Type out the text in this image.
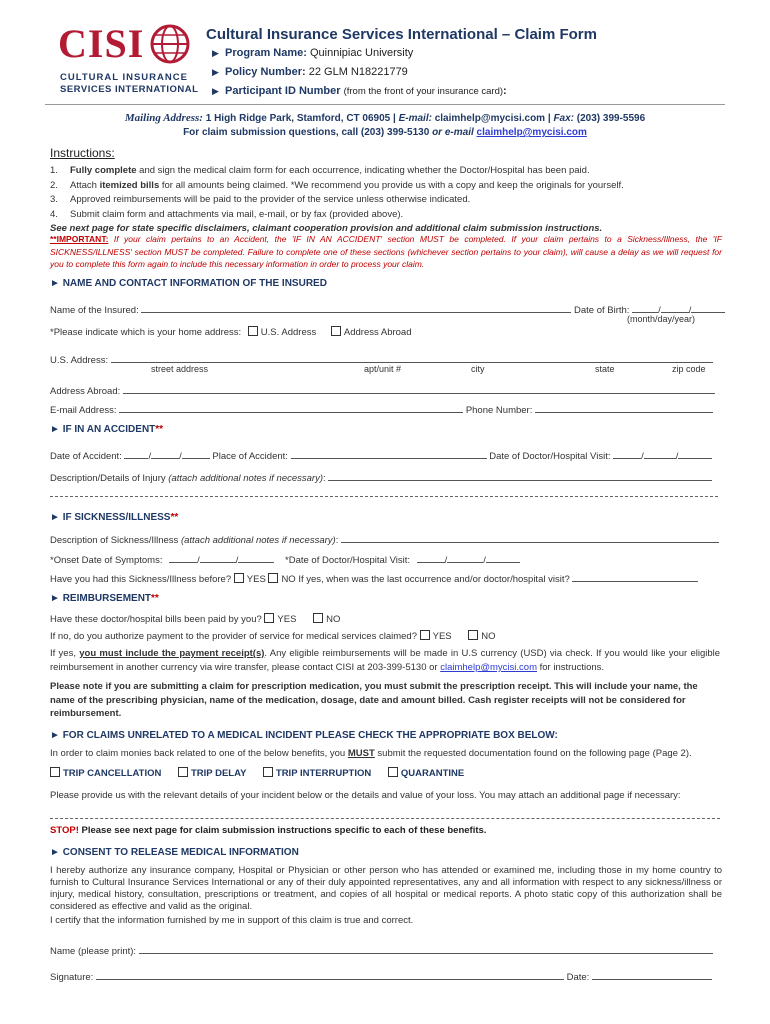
CISI
CULTURAL INSURANCE
SERVICES INTERNATIONAL
Cultural Insurance Services International – Claim Form
▶ Program Name: Quinnipiac University
▶ Policy Number: 22 GLM N18221779
▶ Participant ID Number (from the front of your insurance card):
Mailing Address: 1 High Ridge Park, Stamford, CT 06905 | E-mail: claimhelp@mycisi.com | Fax: (203) 399-5596
For claim submission questions, call (203) 399-5130 or e-mail claimhelp@mycisi.com
Instructions:
1. Fully complete and sign the medical claim form for each occurrence, indicating whether the Doctor/Hospital has been paid.
2. Attach itemized bills for all amounts being claimed. *We recommend you provide us with a copy and keep the originals for yourself.
3. Approved reimbursements will be paid to the provider of the service unless otherwise indicated.
4. Submit claim form and attachments via mail, e-mail, or by fax (provided above).
See next page for state specific disclaimers, claimant cooperation provision and additional claim submission instructions.
**IMPORTANT: If your claim pertains to an Accident, the 'IF IN AN ACCIDENT' section MUST be completed. If your claim pertains to a Sickness/Illness, the 'IF SICKNESS/ILLNESS' section MUST be completed. Failure to complete one of these sections (whichever section pertains to your claim), will cause a delay as we will request for you to complete this form again to include this necessary information in order to process your claim.
► NAME AND CONTACT INFORMATION OF THE INSURED
Name of the Insured:	Date of Birth:	/	/
(month/day/year)
*Please indicate which is your home address: U.S. Address	Address Abroad
U.S. Address:
street address	apt/unit #	city	state	zip code
Address Abroad:
E-mail Address:	Phone Number:
► IF IN AN ACCIDENT**
Date of Accident:	/	/	Place of Accident:	Date of Doctor/Hospital Visit:	/	/
Description/Details of Injury (attach additional notes if necessary):
► IF SICKNESS/ILLNESS**
Description of Sickness/Illness (attach additional notes if necessary):
*Onset Date of Symptoms:	/	/	*Date of Doctor/Hospital Visit:	/	/
Have you had this Sickness/Illness before? YES NO If yes, when was the last occurrence and/or doctor/hospital visit?
► REIMBURSEMENT**
Have these doctor/hospital bills been paid by you? YES	NO
If no, do you authorize payment to the provider of service for medical services claimed? YES	NO
If yes, you must include the payment receipt(s). Any eligible reimbursements will be made in U.S currency (USD) via check. If you would like your eligible reimbursement in another currency via wire transfer, please contact CISI at 203-399-5130 or claimhelp@mycisi.com for instructions.
Please note if you are submitting a claim for prescription medication, you must submit the prescription receipt. This will include your name, the name of the prescribing physician, name of the medication, dosage, date and amount billed. Cash register receipts will not be considered for reimbursement.
► FOR CLAIMS UNRELATED TO A MEDICAL INCIDENT PLEASE CHECK THE APPROPRIATE BOX BELOW:
In order to claim monies back related to one of the below benefits, you MUST submit the requested documentation found on the following page (Page 2).
TRIP CANCELLATION	TRIP DELAY	TRIP INTERRUPTION	QUARANTINE
Please provide us with the relevant details of your incident below or the details and value of your loss. You may attach an additional page if necessary:
STOP! Please see next page for claim submission instructions specific to each of these benefits.
► CONSENT TO RELEASE MEDICAL INFORMATION
I hereby authorize any insurance company, Hospital or Physician or other person who has attended or examined me, including those in my home country to furnish to Cultural Insurance Services International or any of their duly appointed representatives, any and all information with respect to any sickness/illness or injury, medical history, consultation, prescriptions or treatment, and copies of all hospital or medical reports. A photo static copy of this authorization shall be considered as effective and valid as the original.
I certify that the information furnished by me in support of this claim is true and correct.
Name (please print):
Signature:	Date:
